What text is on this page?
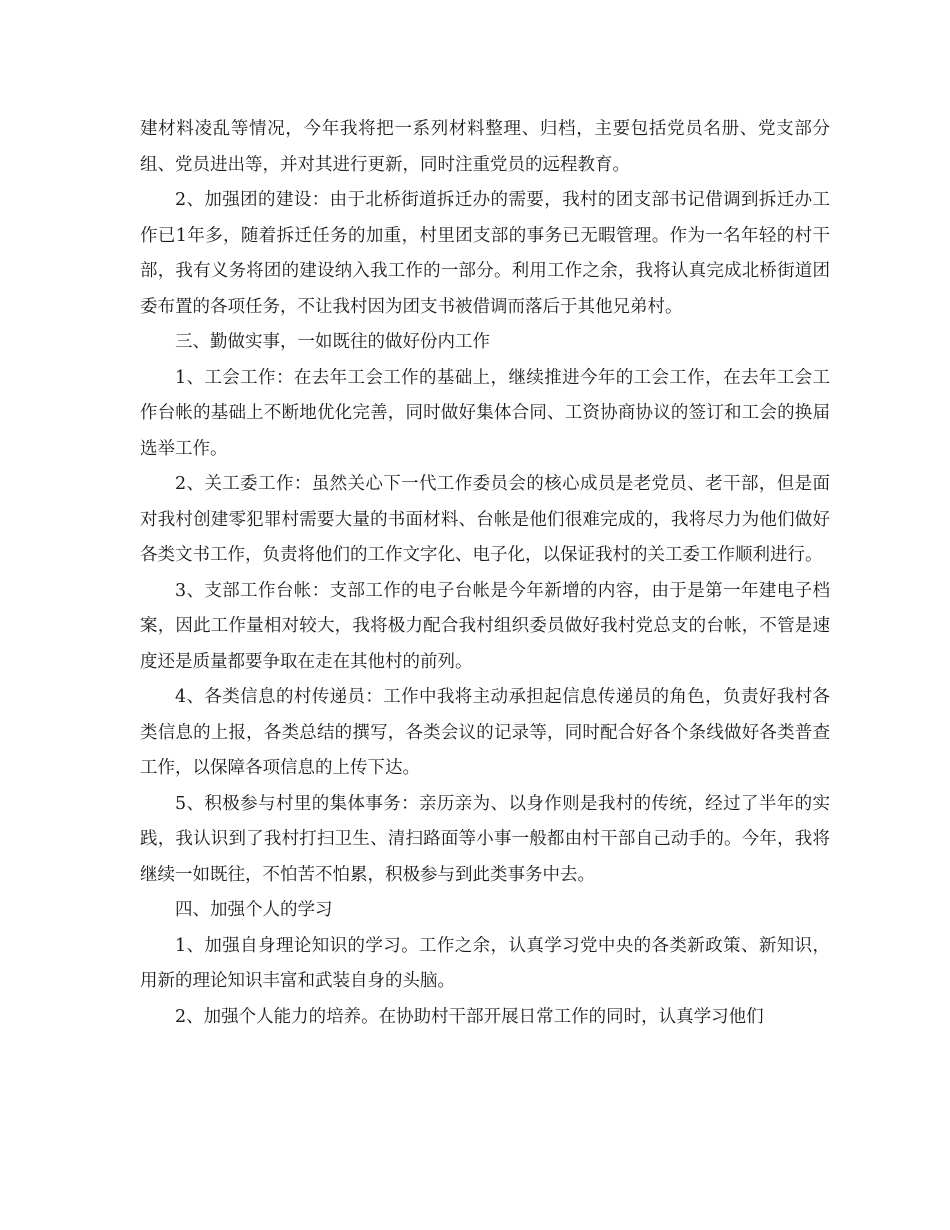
建材料凌乱等情况，今年我将把一系列材料整理、归档，主要包括党员名册、党支部分组、党员进出等，并对其进行更新，同时注重党员的远程教育。

2、加强团的建设：由于北桥街道拆迁办的需要，我村的团支部书记借调到拆迁办工作已1年多，随着拆迁任务的加重，村里团支部的事务已无暇管理。作为一名年轻的村干部，我有义务将团的建设纳入我工作的一部分。利用工作之余，我将认真完成北桥街道团委布置的各项任务，不让我村因为团支书被借调而落后于其他兄弟村。

三、勤做实事，一如既往的做好份内工作

1、工会工作：在去年工会工作的基础上，继续推进今年的工会工作，在去年工会工作台帐的基础上不断地优化完善，同时做好集体合同、工资协商协议的签订和工会的换届选举工作。

2、关工委工作：虽然关心下一代工作委员会的核心成员是老党员、老干部，但是面对我村创建零犯罪村需要大量的书面材料、台帐是他们很难完成的，我将尽力为他们做好各类文书工作，负责将他们的工作文字化、电子化，以保证我村的关工委工作顺利进行。

3、支部工作台帐：支部工作的电子台帐是今年新增的内容，由于是第一年建电子档案，因此工作量相对较大，我将极力配合我村组织委员做好我村党总支的台帐，不管是速度还是质量都要争取在走在其他村的前列。

4、各类信息的村传递员：工作中我将主动承担起信息传递员的角色，负责好我村各类信息的上报，各类总结的撰写，各类会议的记录等，同时配合好各个条线做好各类普查工作，以保障各项信息的上传下达。

5、积极参与村里的集体事务：亲历亲为、以身作则是我村的传统，经过了半年的实践，我认识到了我村打扫卫生、清扫路面等小事一般都由村干部自己动手的。今年，我将继续一如既往，不怕苦不怕累，积极参与到此类事务中去。

四、加强个人的学习

1、加强自身理论知识的学习。工作之余，认真学习党中央的各类新政策、新知识，用新的理论知识丰富和武装自身的头脑。

2、加强个人能力的培养。在协助村干部开展日常工作的同时，认真学习他们
